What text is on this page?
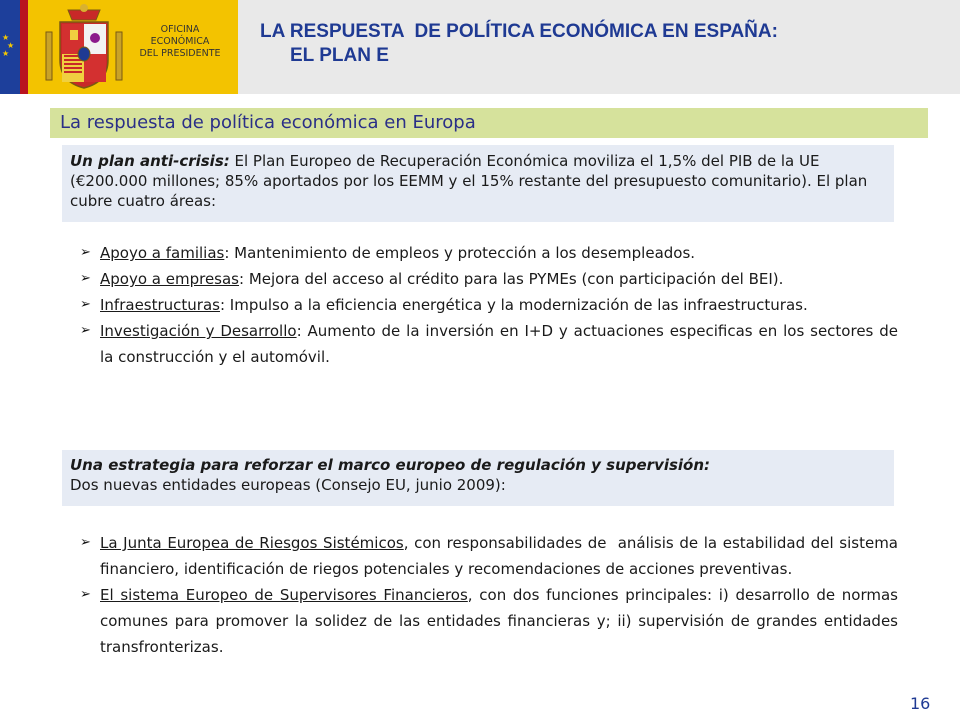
★
★
★
OFICINA
ECONÓMICA
DEL PRESIDENTE
LA RESPUESTA  DE POLÍTICA ECONÓMICA EN ESPAÑA:
EL PLAN E
La respuesta de política económica en Europa
Un plan anti-crisis: El Plan Europeo de Recuperación Económica moviliza el 1,5% del PIB de la UE (€200.000 millones; 85% aportados por los EEMM y el 15% restante del presupuesto comunitario). El plan cubre cuatro áreas:
➢ Apoyo a familias: Mantenimiento de empleos y protección a los desempleados.
➢ Apoyo a empresas: Mejora del acceso al crédito para las PYMEs (con participación del BEI).
➢ Infraestructuras: Impulso a la eficiencia energética y la modernización de las infraestructuras.
➢ Investigación y Desarrollo: Aumento de la inversión en I+D y actuaciones especificas en los sectores de la construcción y el automóvil.
Una estrategia para reforzar el marco europeo de regulación y supervisión:
Dos nuevas entidades europeas (Consejo EU, junio 2009):
➢ La Junta Europea de Riesgos Sistémicos, con responsabilidades de  análisis de la estabilidad del sistema financiero, identificación de riegos potenciales y recomendaciones de acciones preventivas.
➢ El sistema Europeo de Supervisores Financieros, con dos funciones principales: i) desarrollo de normas comunes para promover la solidez de las entidades financieras y; ii) supervisión de grandes entidades transfronterizas.
16
